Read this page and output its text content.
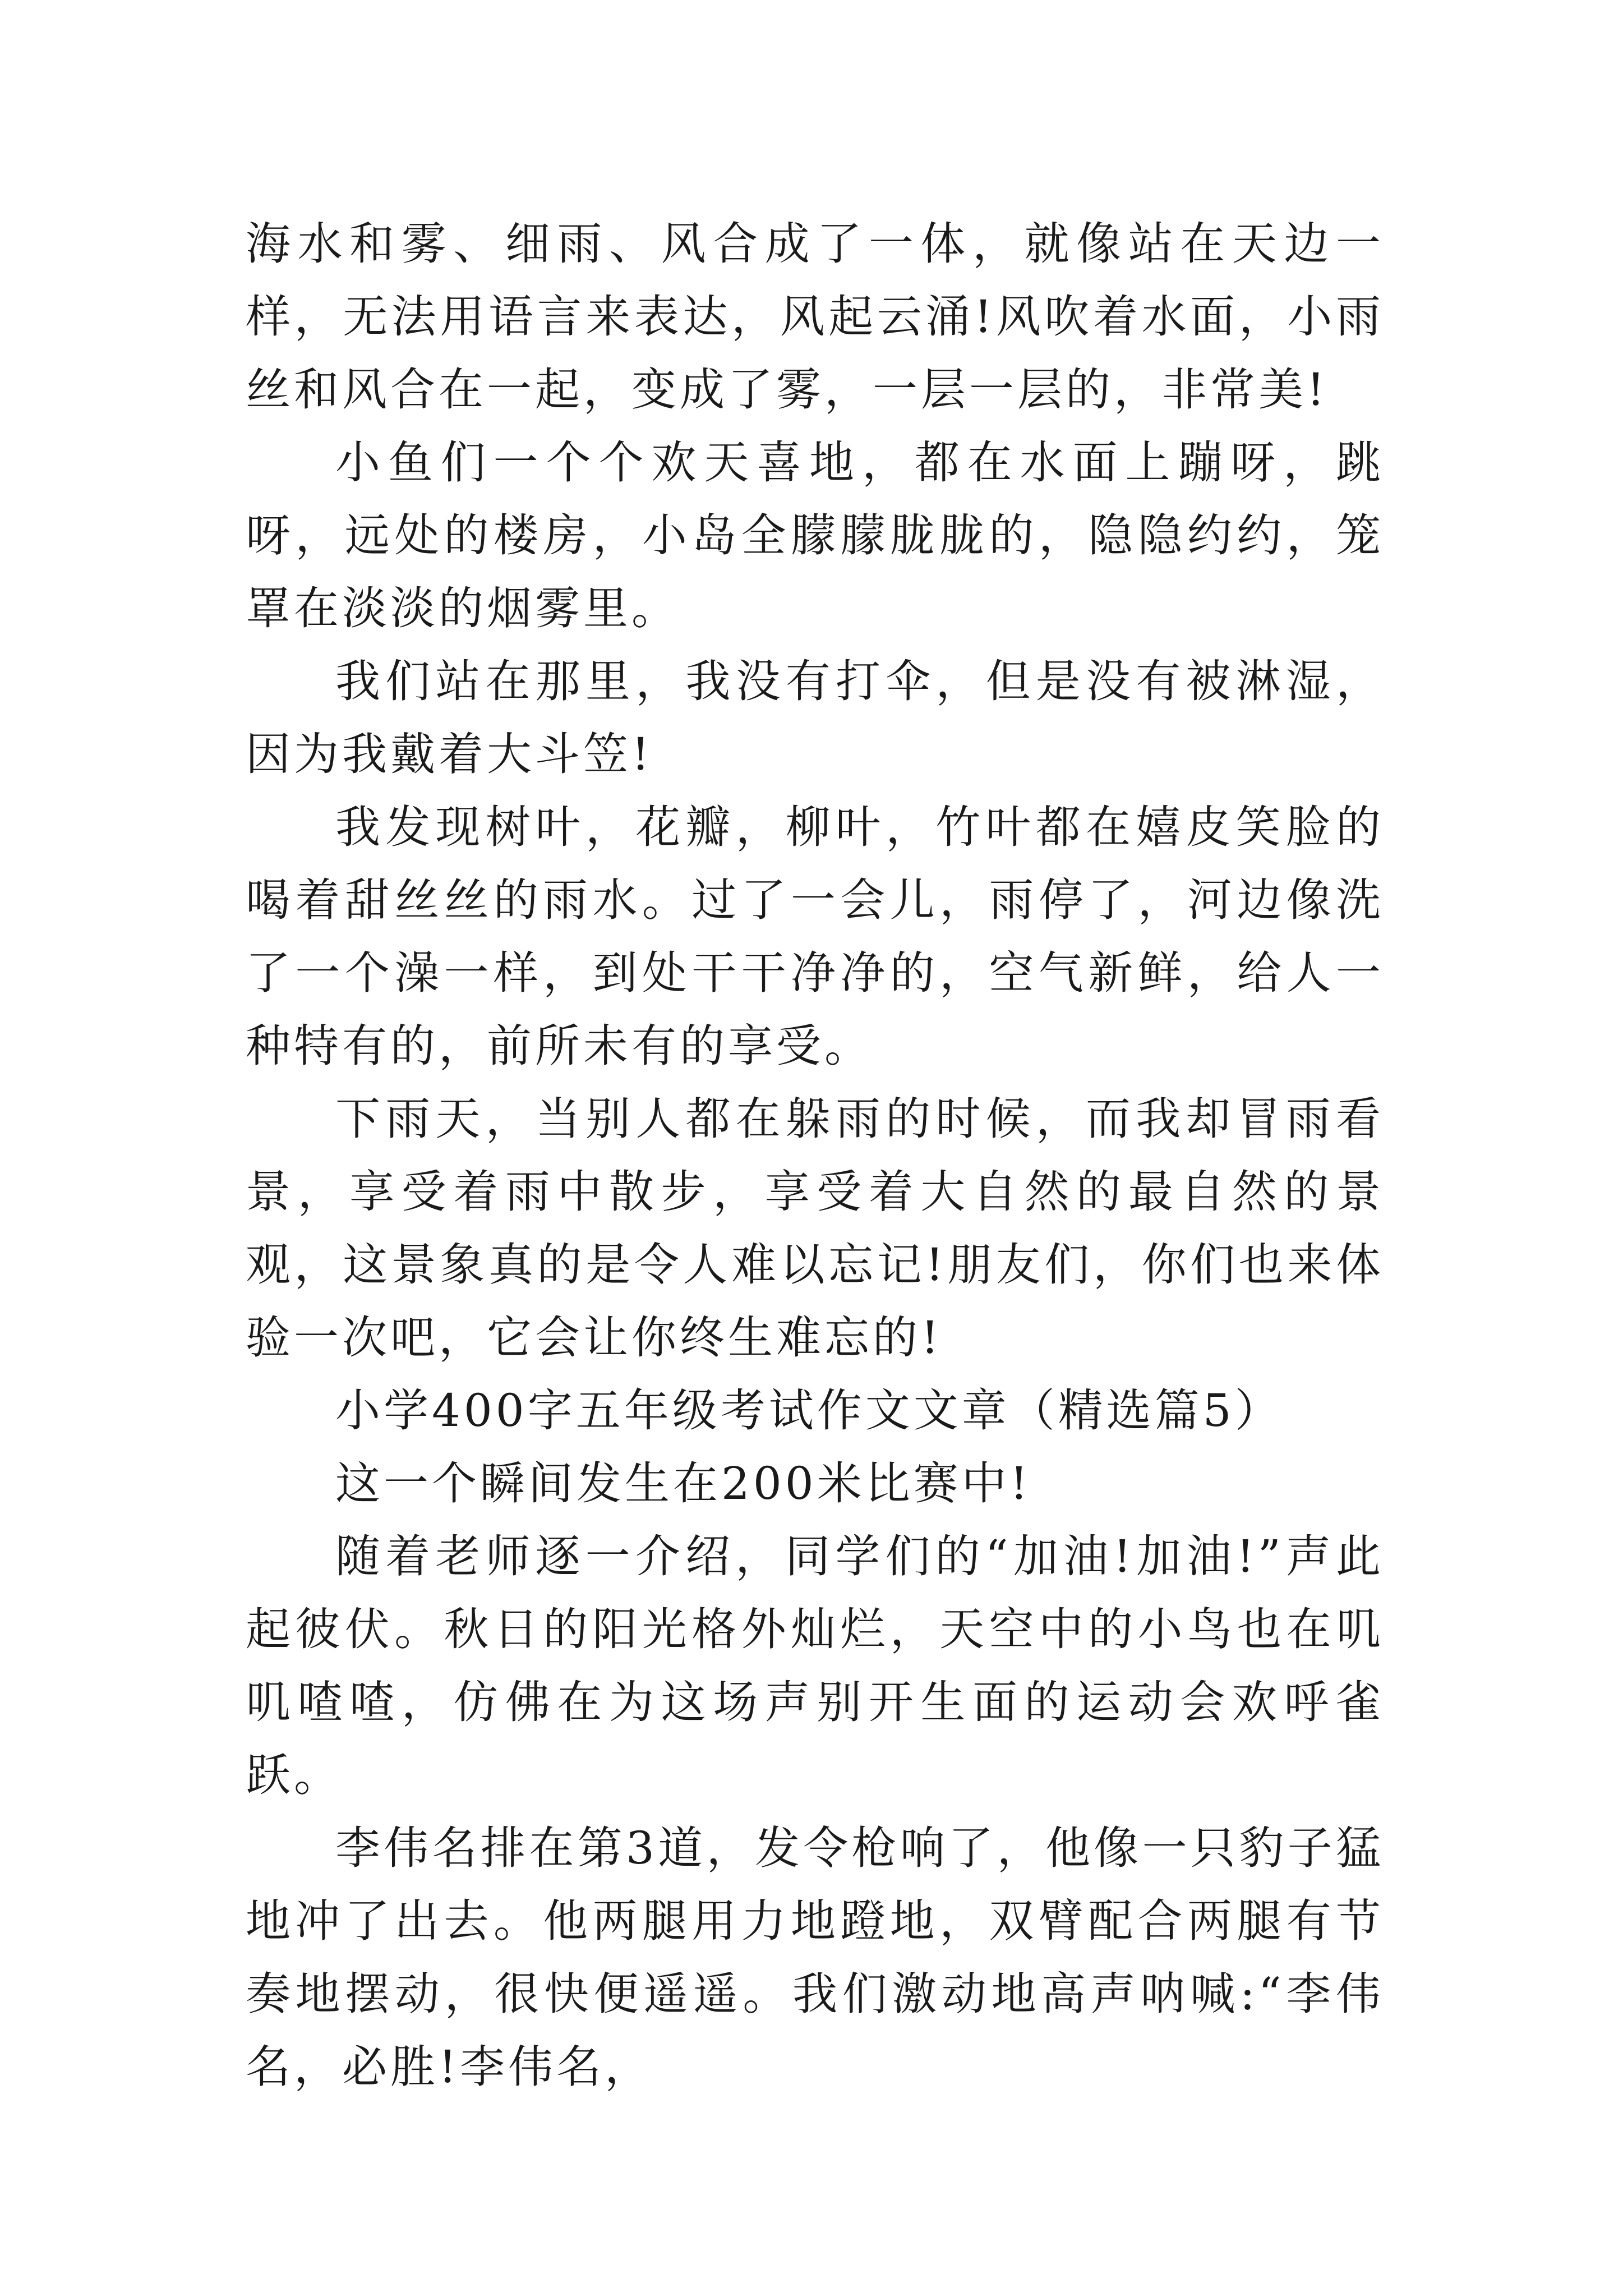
海水和雾、细雨、风合成了一体，就像站在天边一样，无法用语言来表达，风起云涌!风吹着水面，小雨丝和风合在一起，变成了雾，一层一层的，非常美!

小鱼们一个个欢天喜地，都在水面上蹦呀，跳呀，远处的楼房，小岛全朦朦胧胧的，隐隐约约，笼罩在淡淡的烟雾里。

我们站在那里，我没有打伞，但是没有被淋湿，因为我戴着大斗笠!

我发现树叶，花瓣，柳叶，竹叶都在嬉皮笑脸的喝着甜丝丝的雨水。过了一会儿，雨停了，河边像洗了一个澡一样，到处干干净净的，空气新鲜，给人一种特有的，前所未有的享受。

下雨天，当别人都在躲雨的时候，而我却冒雨看景，享受着雨中散步，享受着大自然的最自然的景观，这景象真的是令人难以忘记!朋友们，你们也来体验一次吧，它会让你终生难忘的!

小学400字五年级考试作文文章（精选篇5）

这一个瞬间发生在200米比赛中!

随着老师逐一介绍，同学们的“加油!加油!”声此起彼伏。秋日的阳光格外灿烂，天空中的小鸟也在叽叽喳喳，仿佛在为这场声别开生面的运动会欢呼雀跃。

李伟名排在第3道，发令枪响了，他像一只豹子猛地冲了出去。他两腿用力地蹬地，双臂配合两腿有节奏地摆动，很快便遥遥。我们激动地高声呐喊:“李伟名，必胜!李伟名，
